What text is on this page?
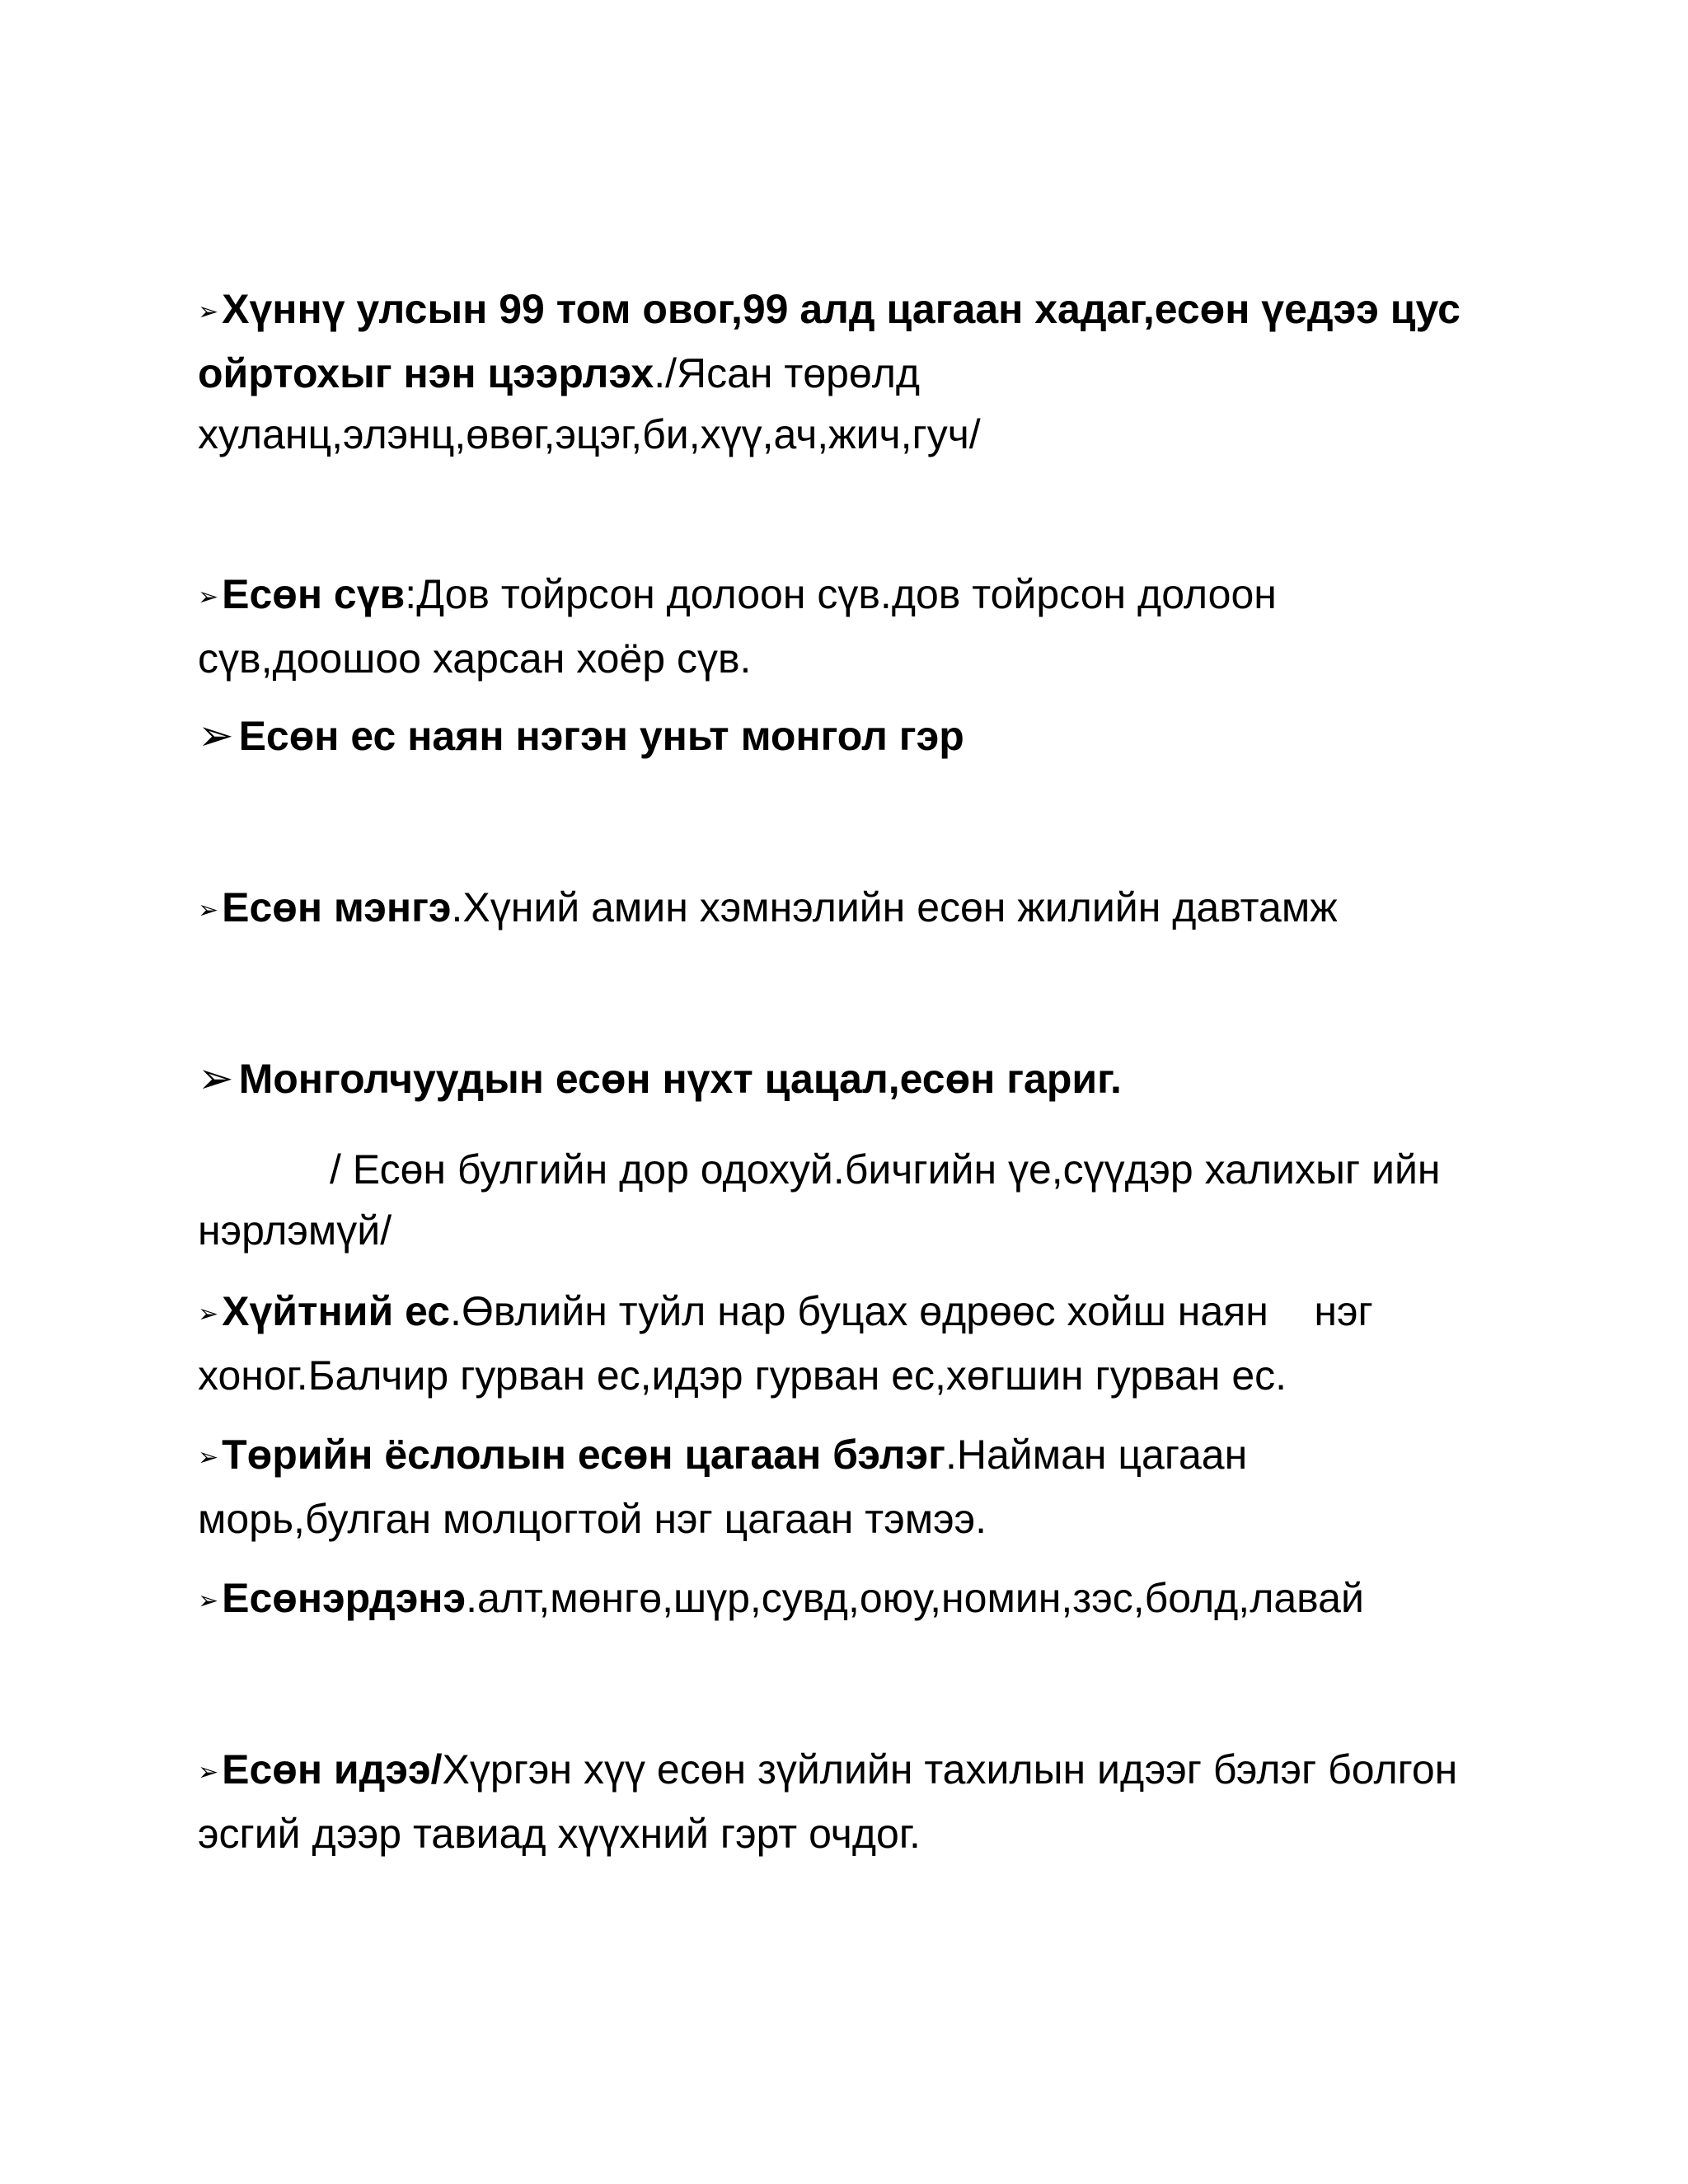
➢Хүннү улсын 99 том овог,99 алд цагаан хадаг,есөн үедээ цус ойртохыг нэн цээрлэх./Ясан төрөлд хуланц,элэнц,өвөг,эцэг,би,хүү,ач,жич,гуч/
➢Есөн сүв:Дов тойрсон долоон сүв.дов тойрсон долоон сүв,доошоо харсан хоёр сүв.
➢ Есөн ес наян нэгэн уньт монгол гэр
➢Есөн мэнгэ.Хүний амин хэмнэлийн есөн жилийн давтамж
➢ Монголчуудын есөн нүхт цацал,есөн гариг.
/ Есөн булгийн дор одохуй.бичгийн үе,сүүдэр халихыг ийн нэрлэмүй/
➢Хүйтний ес.Өвлийн туйл нар буцах өдрөөс хойш наян    нэг хоног.Балчир гурван ес,идэр гурван ес,хөгшин гурван ес.
➢Төрийн ёслолын есөн цагаан бэлэг.Найман цагаан морь,булган молцогтой нэг цагаан тэмээ.
➢Есөнэрдэнэ.алт,мөнгө,шүр,сувд,оюу,номин,зэс,болд,лавай
➢Есөн идээ/Хүргэн хүү есөн зүйлийн тахилын идээг бэлэг болгон эсгий дээр тавиад хүүхний гэрт очдог.
